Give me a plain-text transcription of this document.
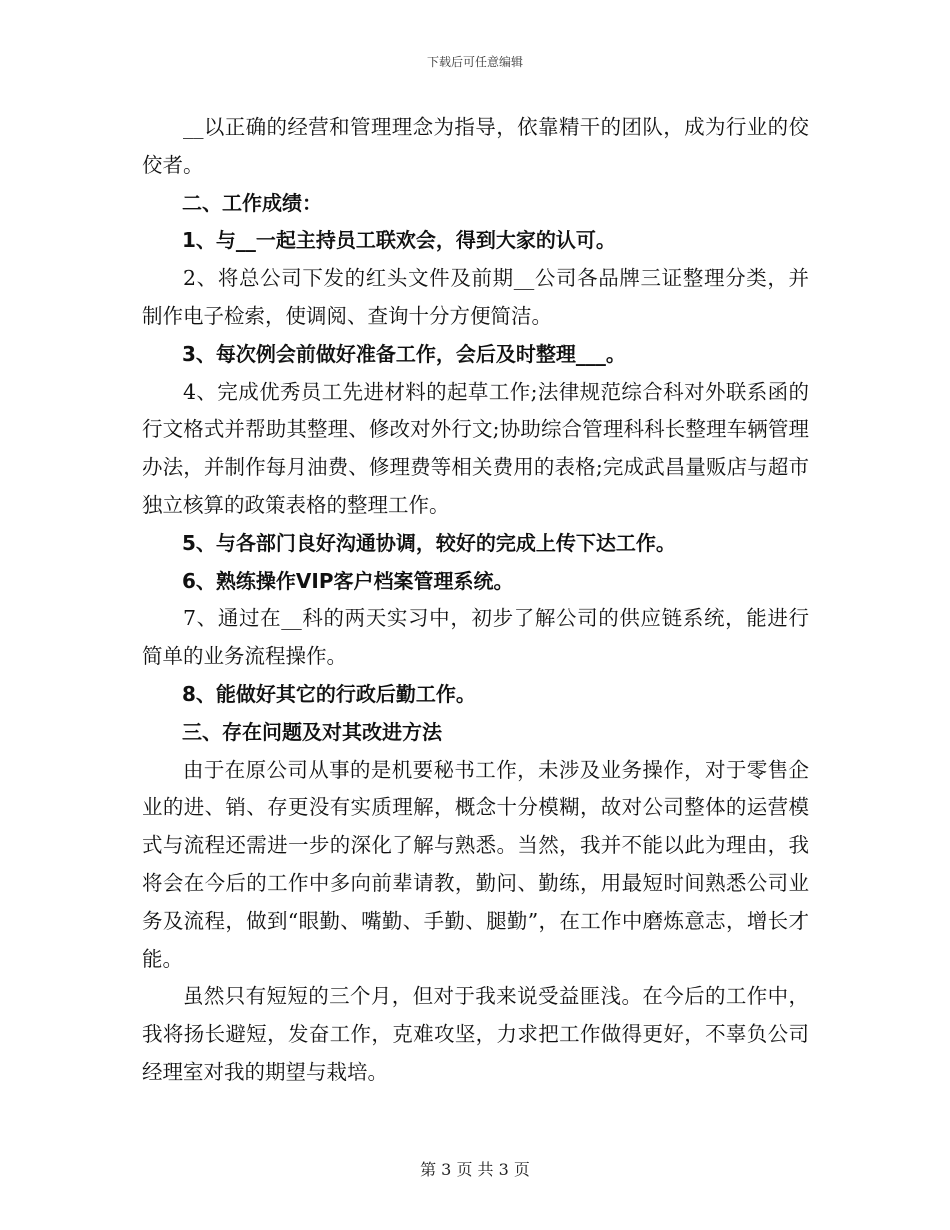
下载后可任意编辑

__以正确的经营和管理理念为指导，依靠精干的团队，成为行业的佼佼者。

二、工作成绩：

1、与__一起主持员工联欢会，得到大家的认可。

2、将总公司下发的红头文件及前期__公司各品牌三证整理分类，并制作电子检索，使调阅、查询十分方便简洁。

3、每次例会前做好准备工作，会后及时整理___。

4、完成优秀员工先进材料的起草工作;法律规范综合科对外联系函的行文格式并帮助其整理、修改对外行文;协助综合管理科科长整理车辆管理办法，并制作每月油费、修理费等相关费用的表格;完成武昌量贩店与超市独立核算的政策表格的整理工作。

5、与各部门良好沟通协调，较好的完成上传下达工作。

6、熟练操作VIP客户档案管理系统。

7、通过在__科的两天实习中，初步了解公司的供应链系统，能进行简单的业务流程操作。

8、能做好其它的行政后勤工作。

三、存在问题及对其改进方法

由于在原公司从事的是机要秘书工作，未涉及业务操作，对于零售企业的进、销、存更没有实质理解，概念十分模糊，故对公司整体的运营模式与流程还需进一步的深化了解与熟悉。当然，我并不能以此为理由，我将会在今后的工作中多向前辈请教，勤问、勤练，用最短时间熟悉公司业务及流程，做到“眼勤、嘴勤、手勤、腿勤”，在工作中磨炼意志，增长才能。

虽然只有短短的三个月，但对于我来说受益匪浅。在今后的工作中，我将扬长避短，发奋工作，克难攻坚，力求把工作做得更好，不辜负公司经理室对我的期望与栽培。

第 3 页 共 3 页
